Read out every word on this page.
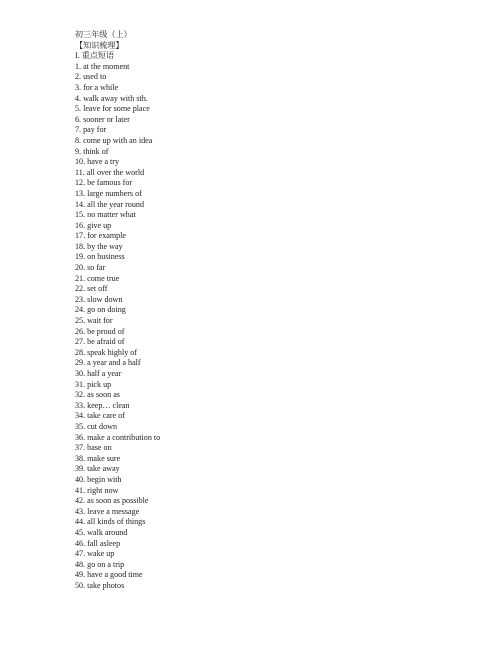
初三年级（上）
【知识梳理】
I. 重点短语
1. at the moment
2. used to
3. for a while
4. walk away with sth.
5. leave for some place
6. sooner or later
7. pay for
8. come up with an idea
9. think of
10. have a try
11. all over the world
12. be famous for
13. large numbers of
14. all the year round
15. no matter what
16. give up
17. for example
18. by the way
19. on business
20. so far
21. come true
22. set off
23. slow down
24. go on doing
25. wait for
26. be proud of
27. be afraid of
28. speak highly of
29. a year and a half
30. half a year
31. pick up
32. as soon as
33. keep… clean
34. take care of
35. cut down
36. make a contribution to
37. base on
38. make sure
39. take away
40. begin with
41. right now
42. as soon as possible
43. leave a message
44. all kinds of things
45. walk around
46. fall asleep
47. wake up
48. go on a trip
49. have a good time
50. take photos
